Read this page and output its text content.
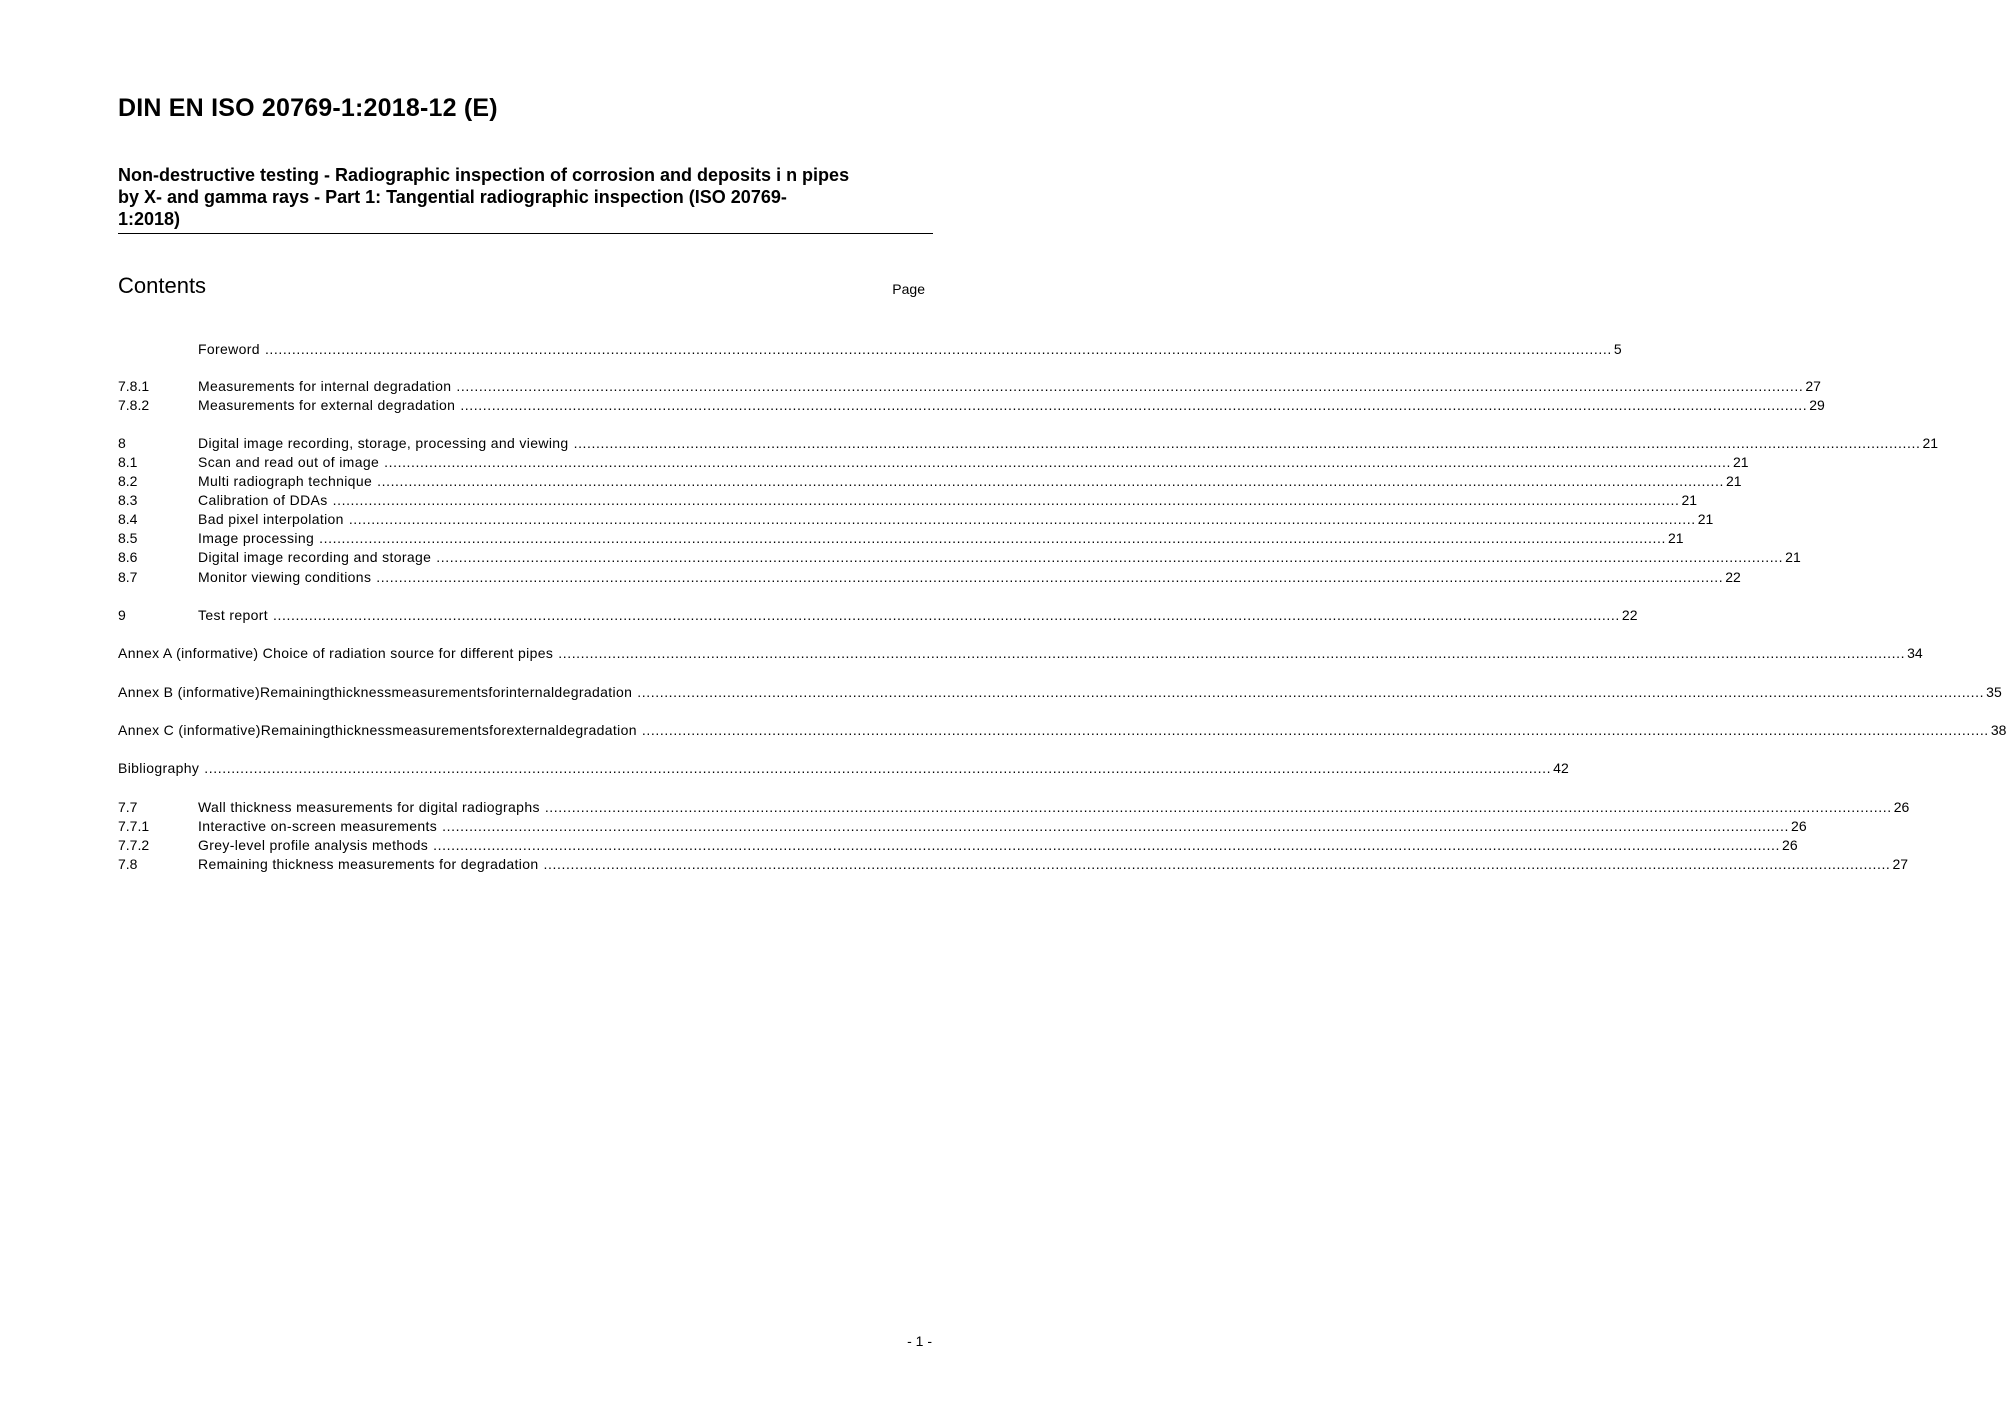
DIN EN ISO 20769-1:2018-12 (E)
Non-destructive testing - Radiographic inspection of corrosion and deposits i n pipes
by X- and gamma rays - Part 1: Tangential radiographic inspection (ISO 20769-
1:2018)
Contents	Page
Foreword ............................................................................................................................................................................................................................................................................................................ 5
7.8.1	Measurements for internal degradation ............................................................................................................................................................................................................................................................................................................ 27
7.8.2	Measurements for external degradation ............................................................................................................................................................................................................................................................................................................ 29
8	Digital image recording, storage, processing and viewing ............................................................................................................................................................................................................................................................................................................ 21
8.1	Scan and read out of image ............................................................................................................................................................................................................................................................................................................ 21
8.2	Multi radiograph technique ............................................................................................................................................................................................................................................................................................................ 21
8.3	Calibration of DDAs ............................................................................................................................................................................................................................................................................................................ 21
8.4	Bad pixel interpolation ............................................................................................................................................................................................................................................................................................................ 21
8.5	Image processing ............................................................................................................................................................................................................................................................................................................ 21
8.6	Digital image recording and storage ............................................................................................................................................................................................................................................................................................................ 21
8.7	Monitor viewing conditions ............................................................................................................................................................................................................................................................................................................ 22
9	Test report ............................................................................................................................................................................................................................................................................................................ 22
Annex A (informative) Choice of radiation source for different pipes ............................................................................................................................................................................................................................................................................................................ 34
Annex B (informative)Remainingthicknessmeasurementsforinternaldegradation ............................................................................................................................................................................................................................................................................................................ 35
Annex C (informative)Remainingthicknessmeasurementsforexternaldegradation ............................................................................................................................................................................................................................................................................................................ 38
Bibliography ............................................................................................................................................................................................................................................................................................................ 42
7.7	Wall thickness measurements for digital radiographs ............................................................................................................................................................................................................................................................................................................ 26
7.7.1	Interactive on-screen measurements ............................................................................................................................................................................................................................................................................................................ 26
7.7.2	Grey-level profile analysis methods ............................................................................................................................................................................................................................................................................................................ 26
7.8	Remaining thickness measurements for degradation ............................................................................................................................................................................................................................................................................................................ 27
- 1 -
